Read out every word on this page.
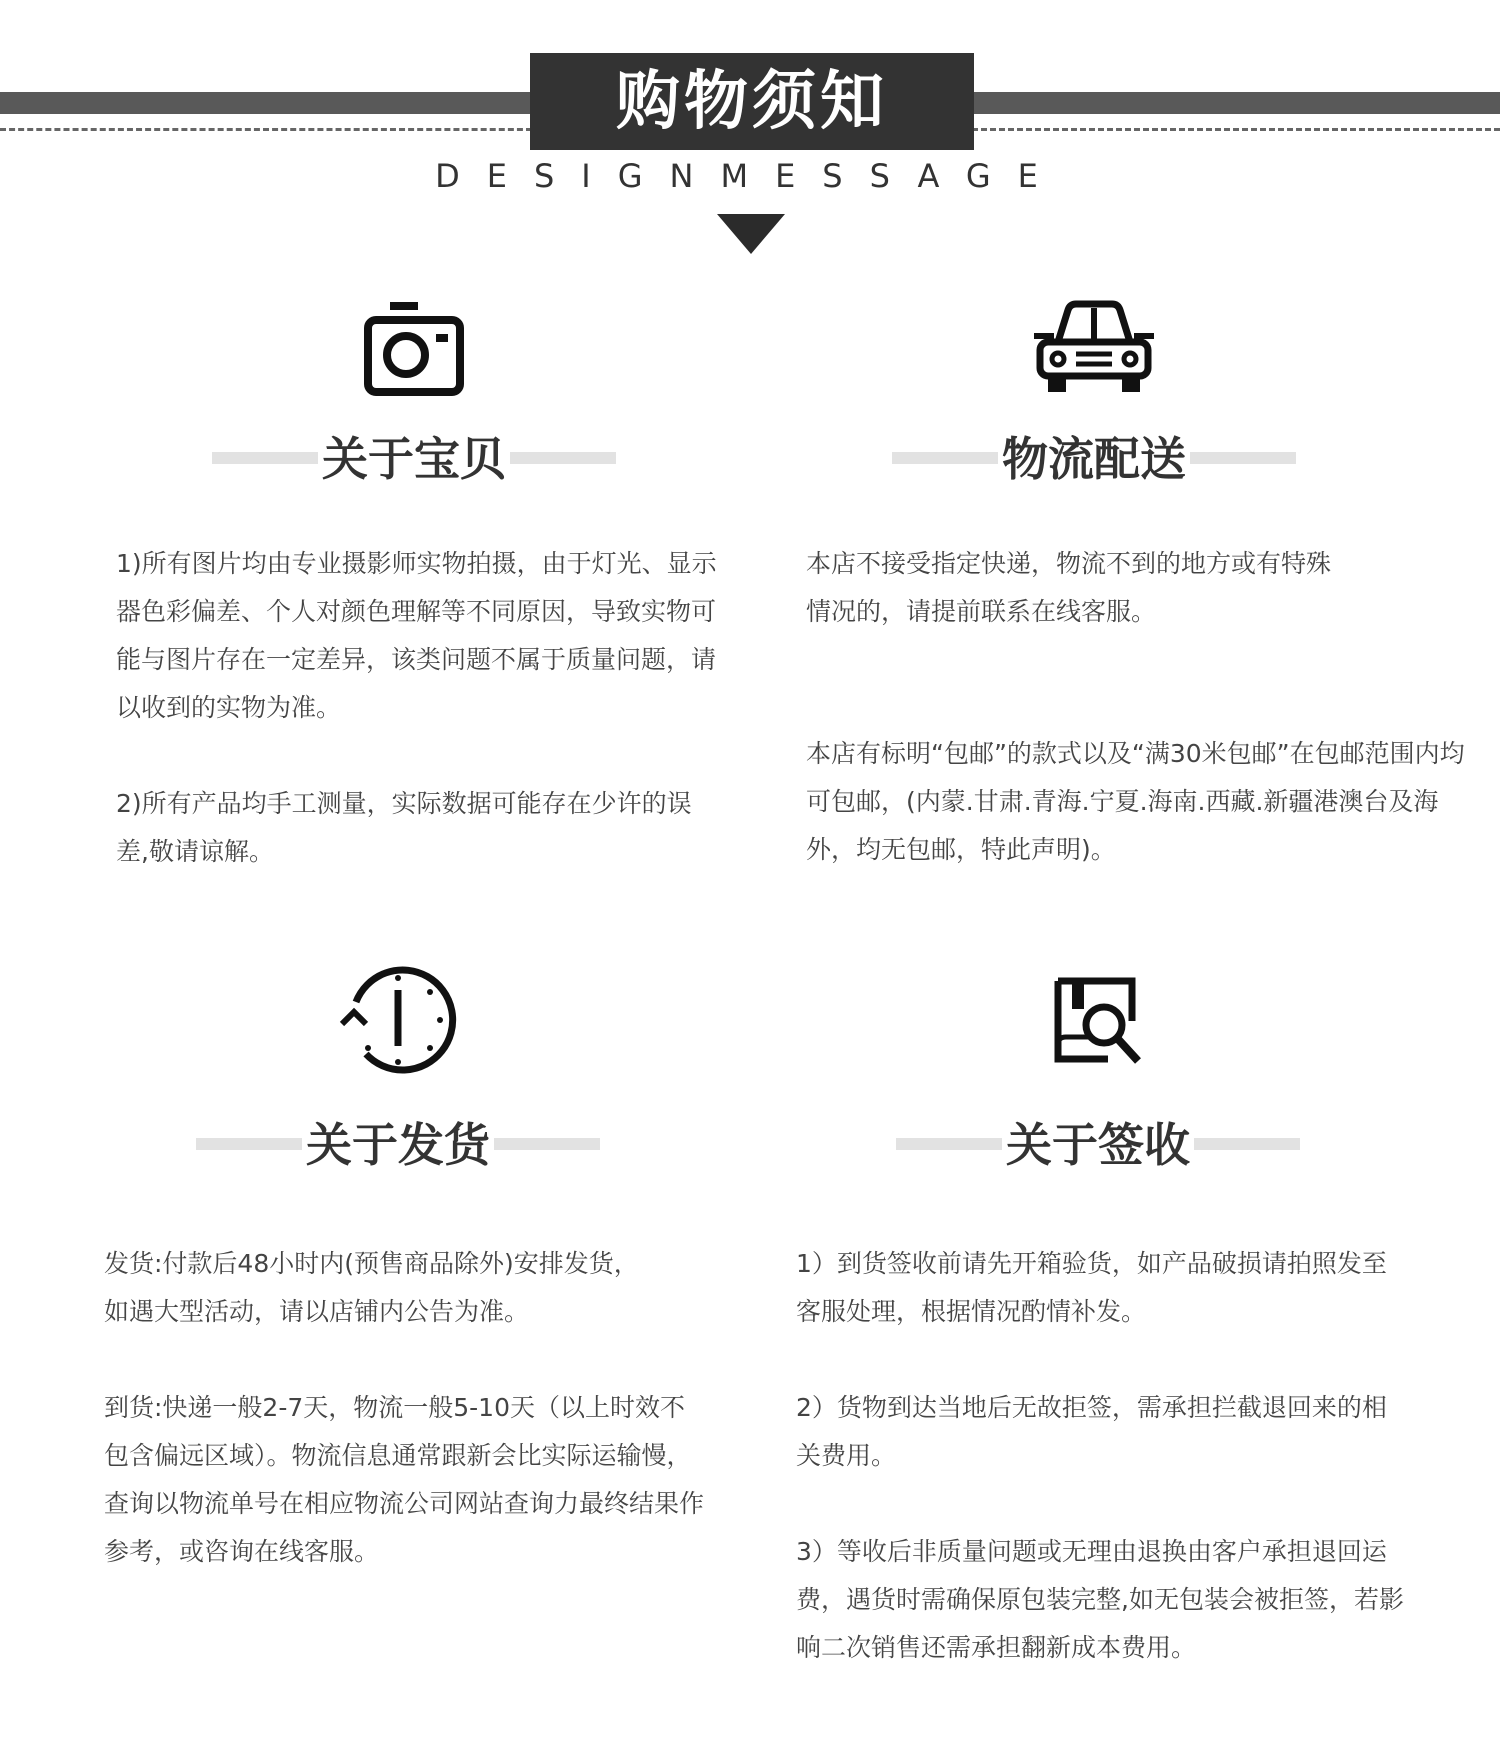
购物须知
DESIGNMESSAGE
关于宝贝

1)所有图片均由专业摄影师实物拍摄，由于灯光、显示器色彩偏差、个人对颜色理解等不同原因，导致实物可能与图片存在一定差异，该类问题不属于质量问题，请以收到的实物为准。

2)所有产品均手工测量，实际数据可能存在少许的误差,敬请谅解。

物流配送

本店不接受指定快递，物流不到的地方或有特殊情况的，请提前联系在线客服。

本店有标明“包邮”的款式以及“满30米包邮”在包邮范围内均可包邮，(内蒙.甘肃.青海.宁夏.海南.西藏.新疆港澳台及海外，均无包邮，特此声明)。

关于发货

发货:付款后48小时内(预售商品除外)安排发货，如遇大型活动，请以店铺内公告为准。

到货:快递一般2-7天，物流一般5-10天（以上时效不包含偏远区域）。物流信息通常跟新会比实际运输慢，查询以物流单号在相应物流公司网站查询力最终结果作参考，或咨询在线客服。

关于签收

1）到货签收前请先开箱验货，如产品破损请拍照发至客服处理，根据情况酌情补发。

2）货物到达当地后无故拒签，需承担拦截退回来的相关费用。

3）等收后非质量问题或无理由退换由客户承担退回运费，遇货时需确保原包装完整,如无包装会被拒签，若影响二次销售还需承担翻新成本费用。
